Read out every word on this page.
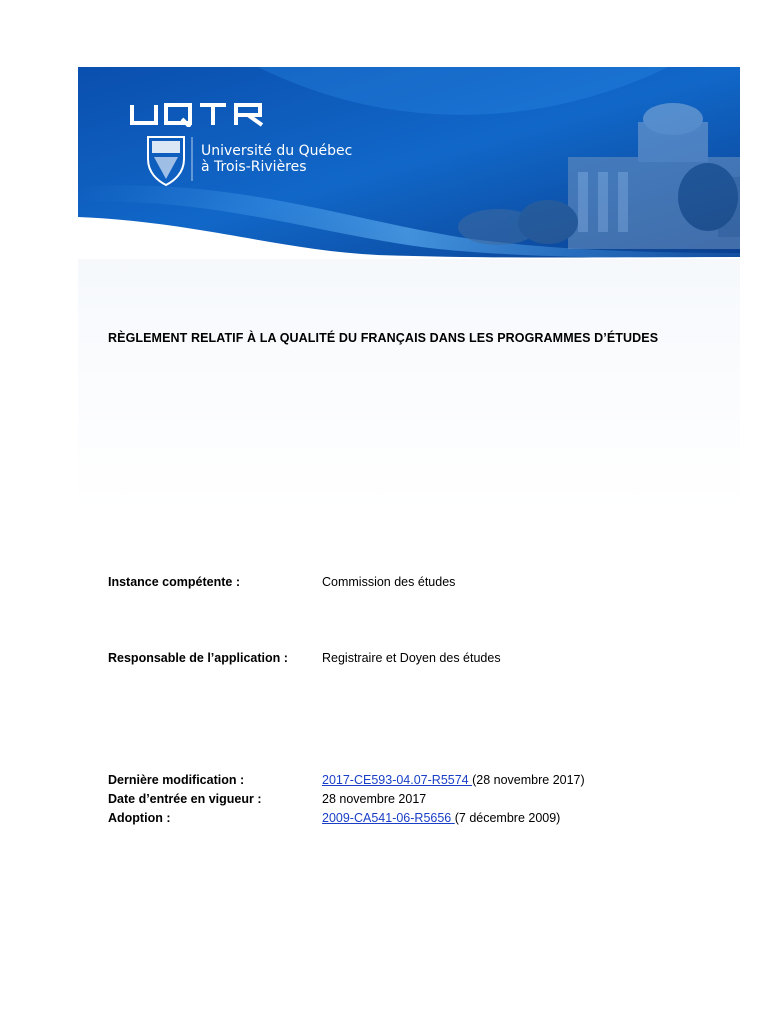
Université du Québec
à Trois-Rivières
RÈGLEMENT RELATIF À LA QUALITÉ DU FRANÇAIS DANS LES PROGRAMMES D’ÉTUDES
Instance compétente :	Commission des études
Responsable de l’application :	Registraire et Doyen des études
Dernière modification :	2017-CE593-04.07-R5574 (28 novembre 2017)
Date d’entrée en vigueur :	28 novembre 2017
Adoption :	2009-CA541-06-R5656 (7 décembre 2009)
